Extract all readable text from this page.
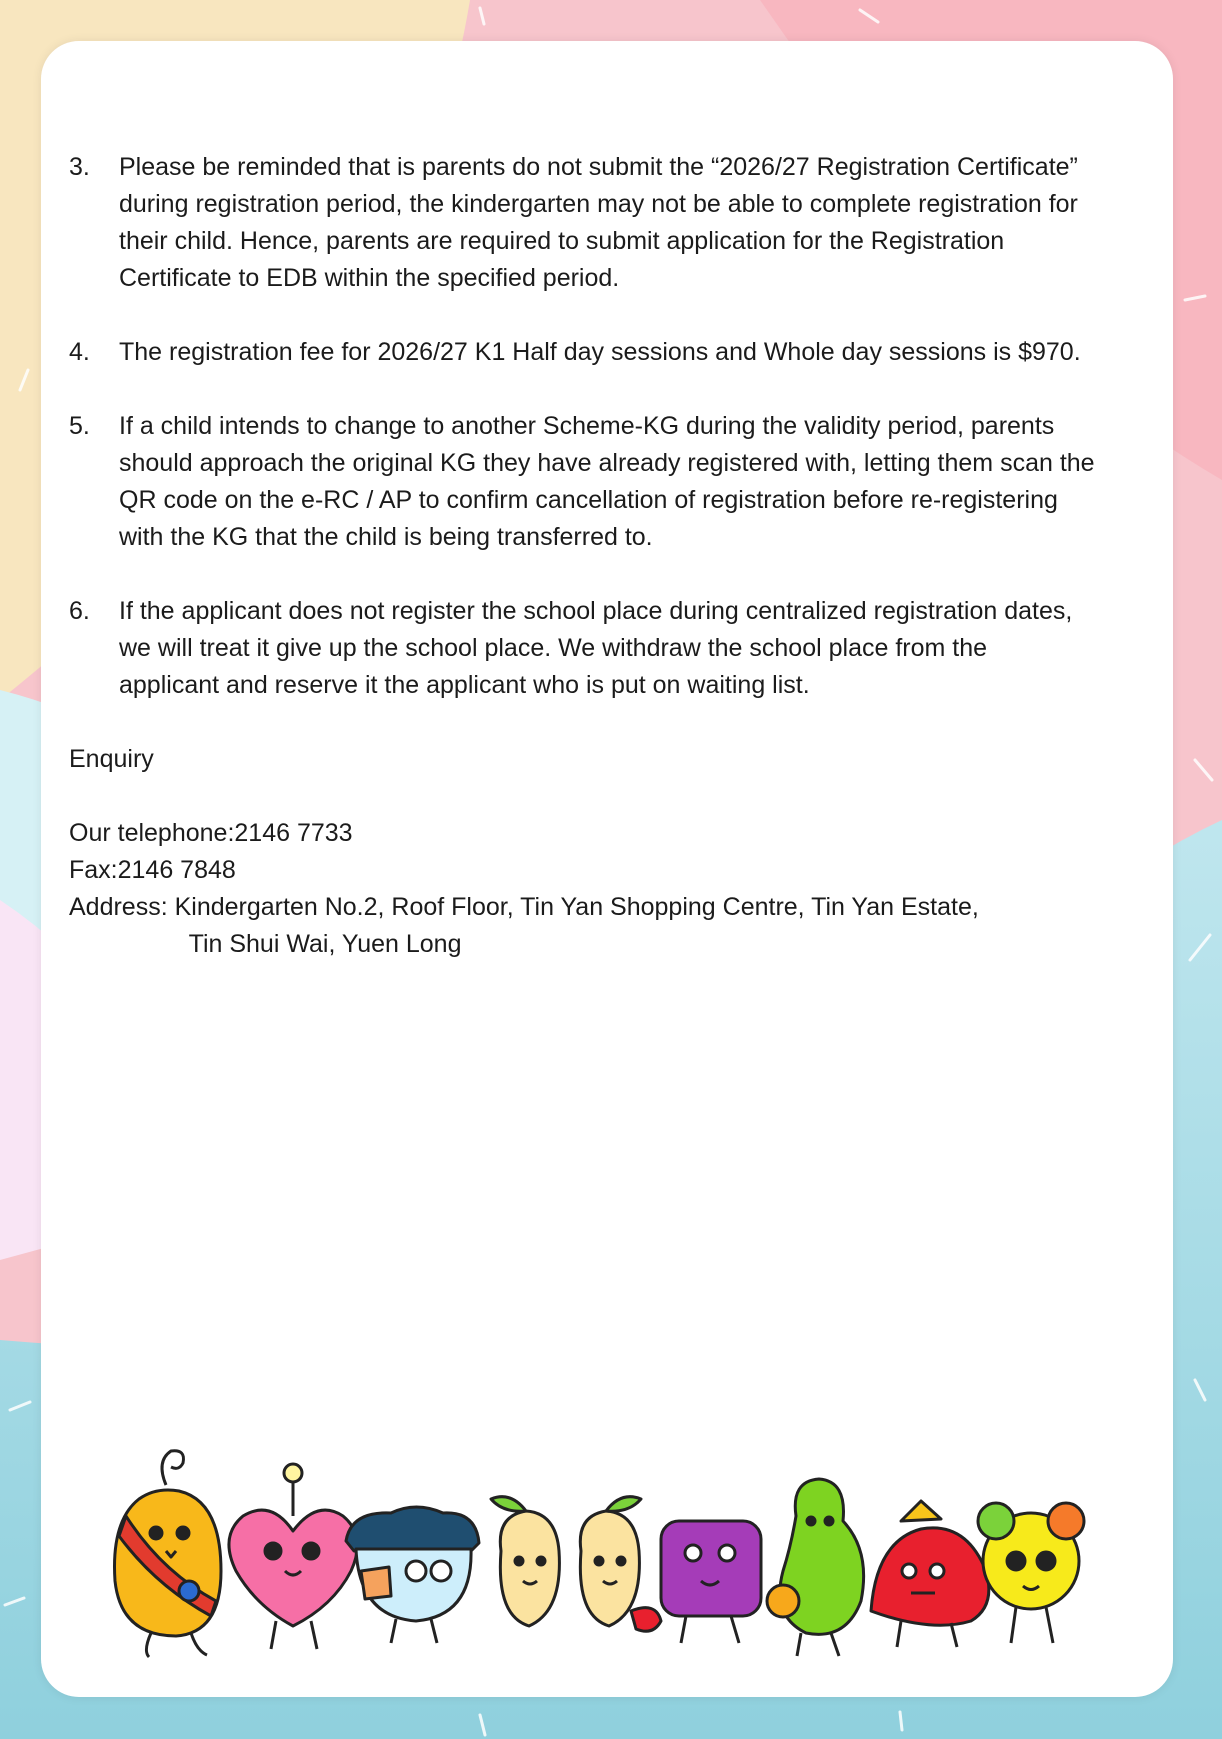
3.	Please be reminded that is parents do not submit the “2026/27 Registration Certificate”
during registration period, the kindergarten may not be able to complete registration for
their child. Hence, parents are required to submit application for the Registration
Certificate to EDB within the specified period.
4.	The registration fee for 2026/27 K1 Half day sessions and Whole day sessions is $970.
5.	If a child intends to change to another Scheme-KG during the validity period, parents
should approach the original KG they have already registered with, letting them scan the
QR code on the e-RC / AP to confirm cancellation of registration before re-registering
with the KG that the child is being transferred to.
6.	If the applicant does not register the school place during centralized registration dates,
we will treat it give up the school place. We withdraw the school place from the
applicant and reserve it the applicant who is put on waiting list.
Enquiry
Our telephone:2146 7733
Fax:2146 7848
Address: Kindergarten No.2, Roof Floor, Tin Yan Shopping Centre, Tin Yan Estate,
Tin Shui Wai, Yuen Long
